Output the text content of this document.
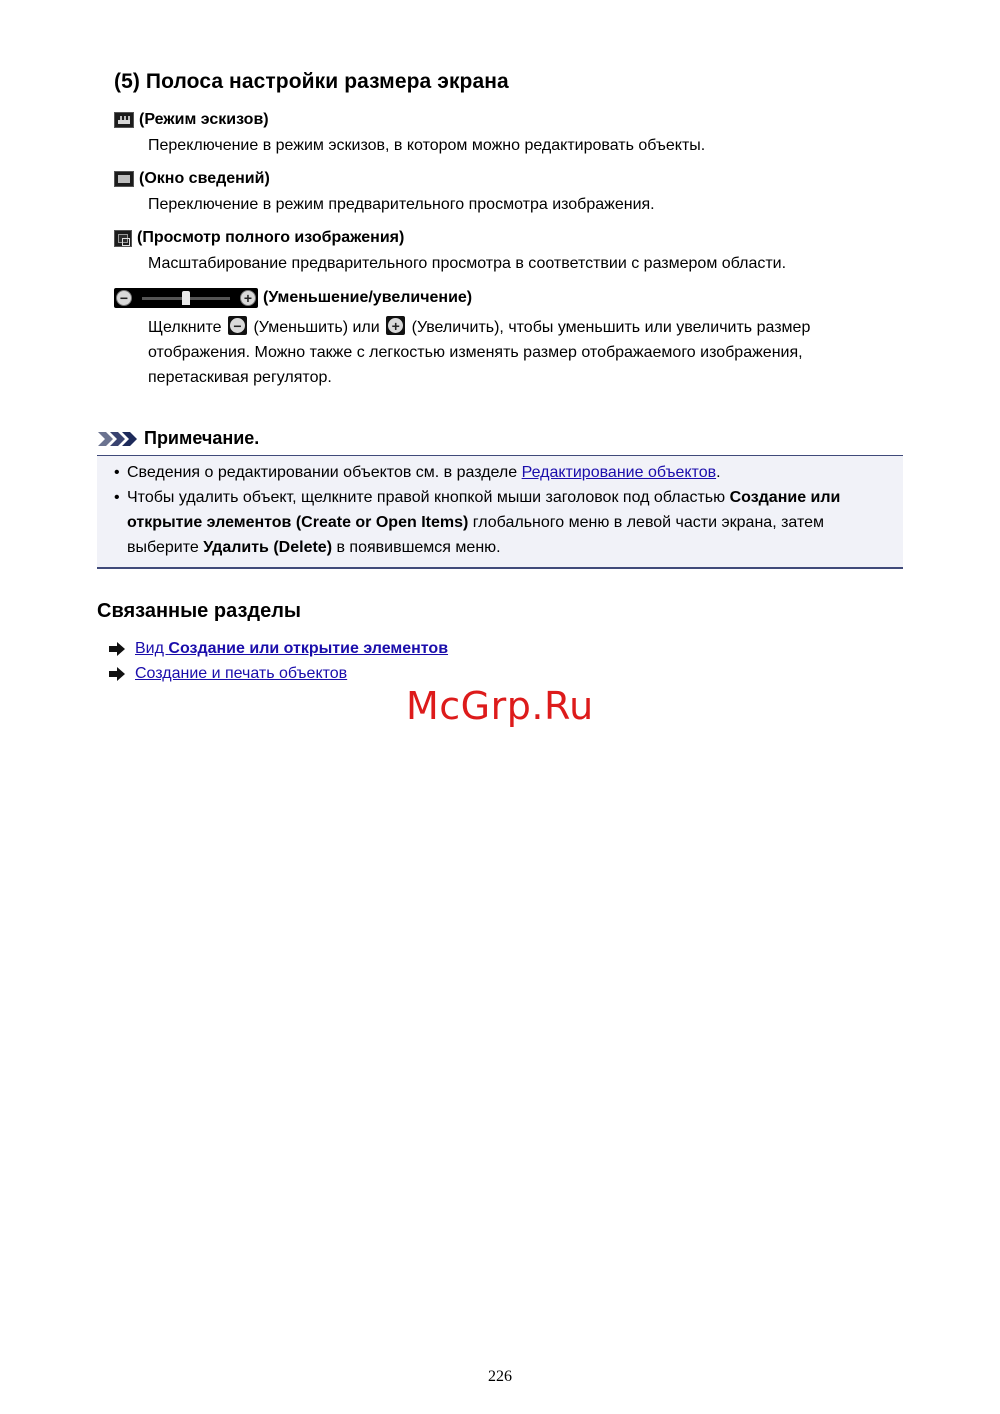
(5) Полоса настройки размера экрана
(Режим эскизов)
Переключение в режим эскизов, в котором можно редактировать объекты.
(Окно сведений)
Переключение в режим предварительного просмотра изображения.
(Просмотр полного изображения)
Масштабирование предварительного просмотра в соответствии с размером области.
−	+ (Уменьшение/увеличение)
Щелкните − (Уменьшить) или + (Увеличить), чтобы уменьшить или увеличить размер
отображения. Можно также с легкостью изменять размер отображаемого изображения,
перетаскивая регулятор.
Примечание.
• Сведения о редактировании объектов см. в разделе Редактирование объектов.
• Чтобы удалить объект, щелкните правой кнопкой мыши заголовок под областью Создание или открытие элементов (Create or Open Items) глобального меню в левой части экрана, затем выберите Удалить (Delete) в появившемся меню.
Связанные разделы
Вид Создание или открытие элементов
Создание и печать объектов
McGrp.Ru
226
